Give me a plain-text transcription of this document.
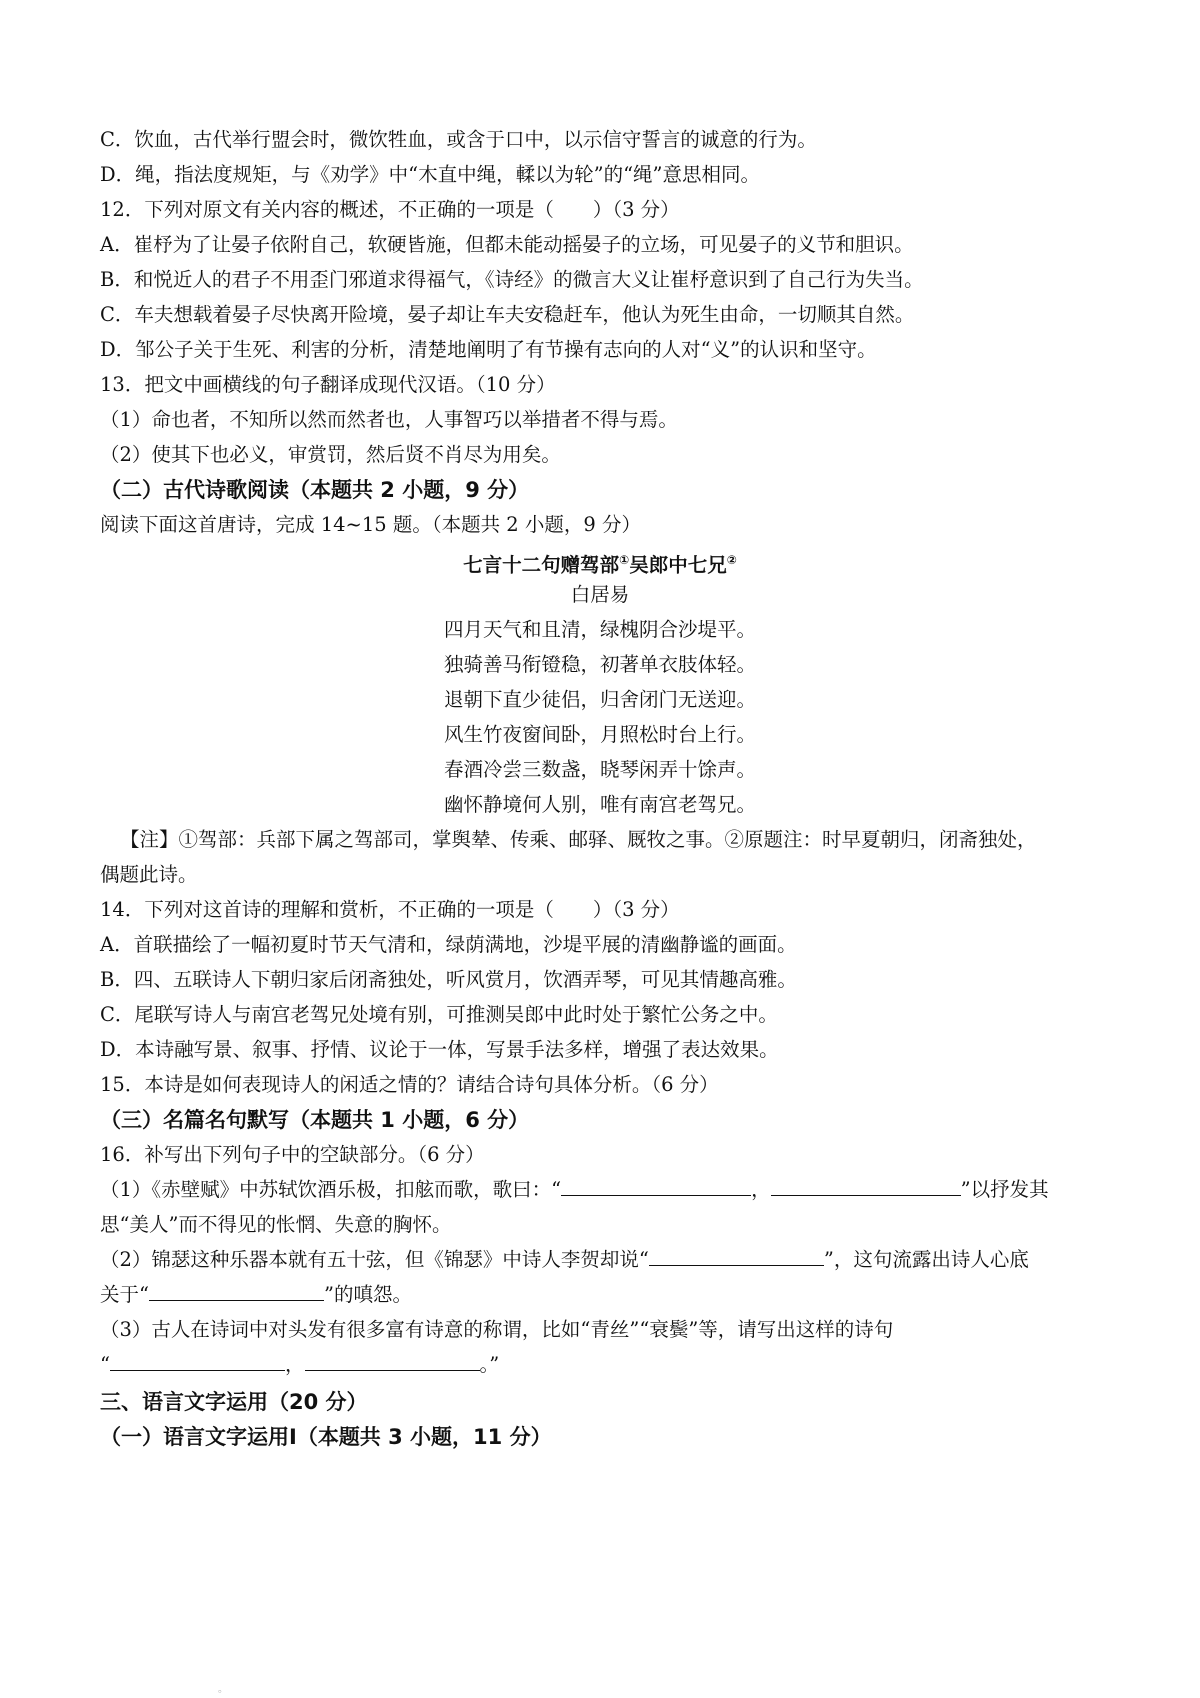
C．饮血，古代举行盟会时，微饮牲血，或含于口中，以示信守誓言的诚意的行为。
D．绳，指法度规矩，与《劝学》中“木直中绳，輮以为轮”的“绳”意思相同。
12．下列对原文有关内容的概述，不正确的一项是（　　）（3 分）
A．崔杼为了让晏子依附自己，软硬皆施，但都未能动摇晏子的立场，可见晏子的义节和胆识。
B．和悦近人的君子不用歪门邪道求得福气，《诗经》的微言大义让崔杼意识到了自己行为失当。
C．车夫想载着晏子尽快离开险境，晏子却让车夫安稳赶车，他认为死生由命，一切顺其自然。
D．邹公子关于生死、利害的分析，清楚地阐明了有节操有志向的人对“义”的认识和坚守。
13．把文中画横线的句子翻译成现代汉语。（10 分）
（1）命也者，不知所以然而然者也，人事智巧以举措者不得与焉。
（2）使其下也必义，审赏罚，然后贤不肖尽为用矣。
（二）古代诗歌阅读（本题共 2 小题，9 分）
阅读下面这首唐诗，完成 14~15 题。（本题共 2 小题，9 分）
七言十二句赠驾部①吴郎中七兄②
白居易
四月天气和且清，绿槐阴合沙堤平。
独骑善马衔镫稳，初著单衣肢体轻。
退朝下直少徒侣，归舍闭门无送迎。
风生竹夜窗间卧，月照松时台上行。
春酒冷尝三数盏，晓琴闲弄十馀声。
幽怀静境何人别，唯有南宫老驾兄。
【注】①驾部：兵部下属之驾部司，掌舆辇、传乘、邮驿、厩牧之事。②原题注：时早夏朝归，闭斋独处，
偶题此诗。
14．下列对这首诗的理解和赏析，不正确的一项是（　　）（3 分）
A．首联描绘了一幅初夏时节天气清和，绿荫满地，沙堤平展的清幽静谧的画面。
B．四、五联诗人下朝归家后闭斋独处，听风赏月，饮酒弄琴，可见其情趣高雅。
C．尾联写诗人与南宫老驾兄处境有别，可推测吴郎中此时处于繁忙公务之中。
D．本诗融写景、叙事、抒情、议论于一体，写景手法多样，增强了表达效果。
15．本诗是如何表现诗人的闲适之情的？请结合诗句具体分析。（6 分）
（三）名篇名句默写（本题共 1 小题，6 分）
16．补写出下列句子中的空缺部分。（6 分）
（1）《赤壁赋》中苏轼饮酒乐极，扣舷而歌，歌曰：“	，	”以抒发其
思“美人”而不得见的怅惘、失意的胸怀。
（2）锦瑟这种乐器本就有五十弦，但《锦瑟》中诗人李贺却说“	”，这句流露出诗人心底
关于“	”的嗔怨。
（3）古人在诗词中对头发有很多富有诗意的称谓，比如“青丝”“衰鬓”等，请写出这样的诗句
“	，	。”
三、语言文字运用（20 分）
（一）语言文字运用Ⅰ（本题共 3 小题，11 分）
。
